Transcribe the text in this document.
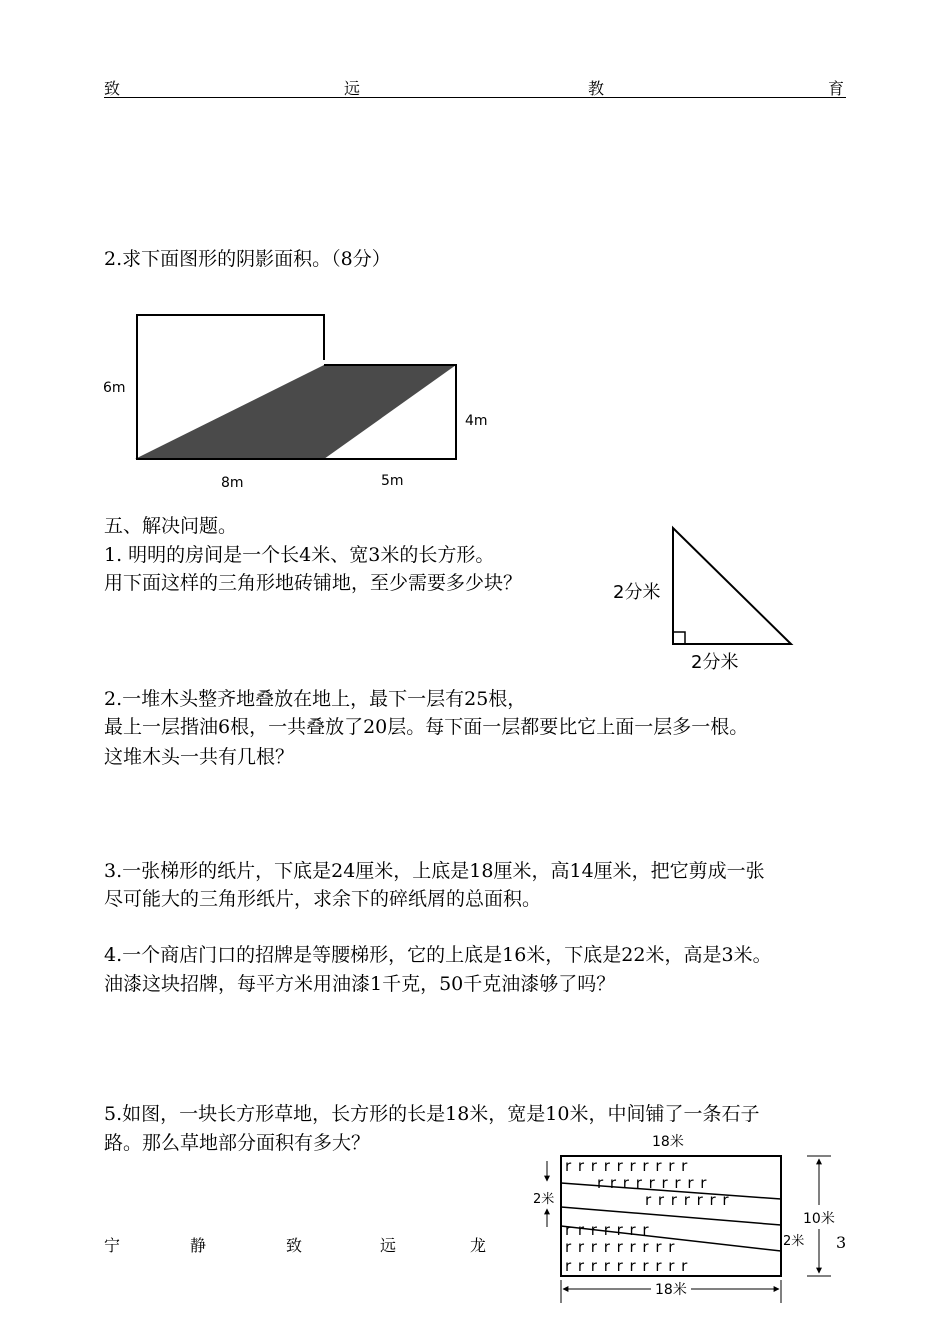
致	远	教	育
2.求下面图形的阴影面积。（8分）
6m
4m
8m	5m
五、解决问题。
1. 明明的房间是一个长4米、宽3米的长方形。
用下面这样的三角形地砖铺地，至少需要多少块？	2分米
2分米
2.一堆木头整齐地叠放在地上，最下一层有25根，
最上一层揩油6根，一共叠放了20层。每下面一层都要比它上面一层多一根。
这堆木头一共有几根？
3.一张梯形的纸片，下底是24厘米，上底是18厘米，高14厘米，把它剪成一张
尽可能大的三角形纸片，求余下的碎纸屑的总面积。
4.一个商店门口的招牌是等腰梯形，它的上底是16米，下底是22米，高是3米。
油漆这块招牌，每平方米用油漆1千克，50千克油漆够了吗？
5.如图，一块长方形草地，长方形的长是18米，宽是10米，中间铺了一条石子
路。那么草地部分面积有多大？	18米
rrrrrrrrrr
rrrrrrrrr
rrrrrrr
rrrrrrr
rrrrrrrrr
rrrrrrrrrr
2米
2米
10米
18米
宁	静	致	远	龙	3
